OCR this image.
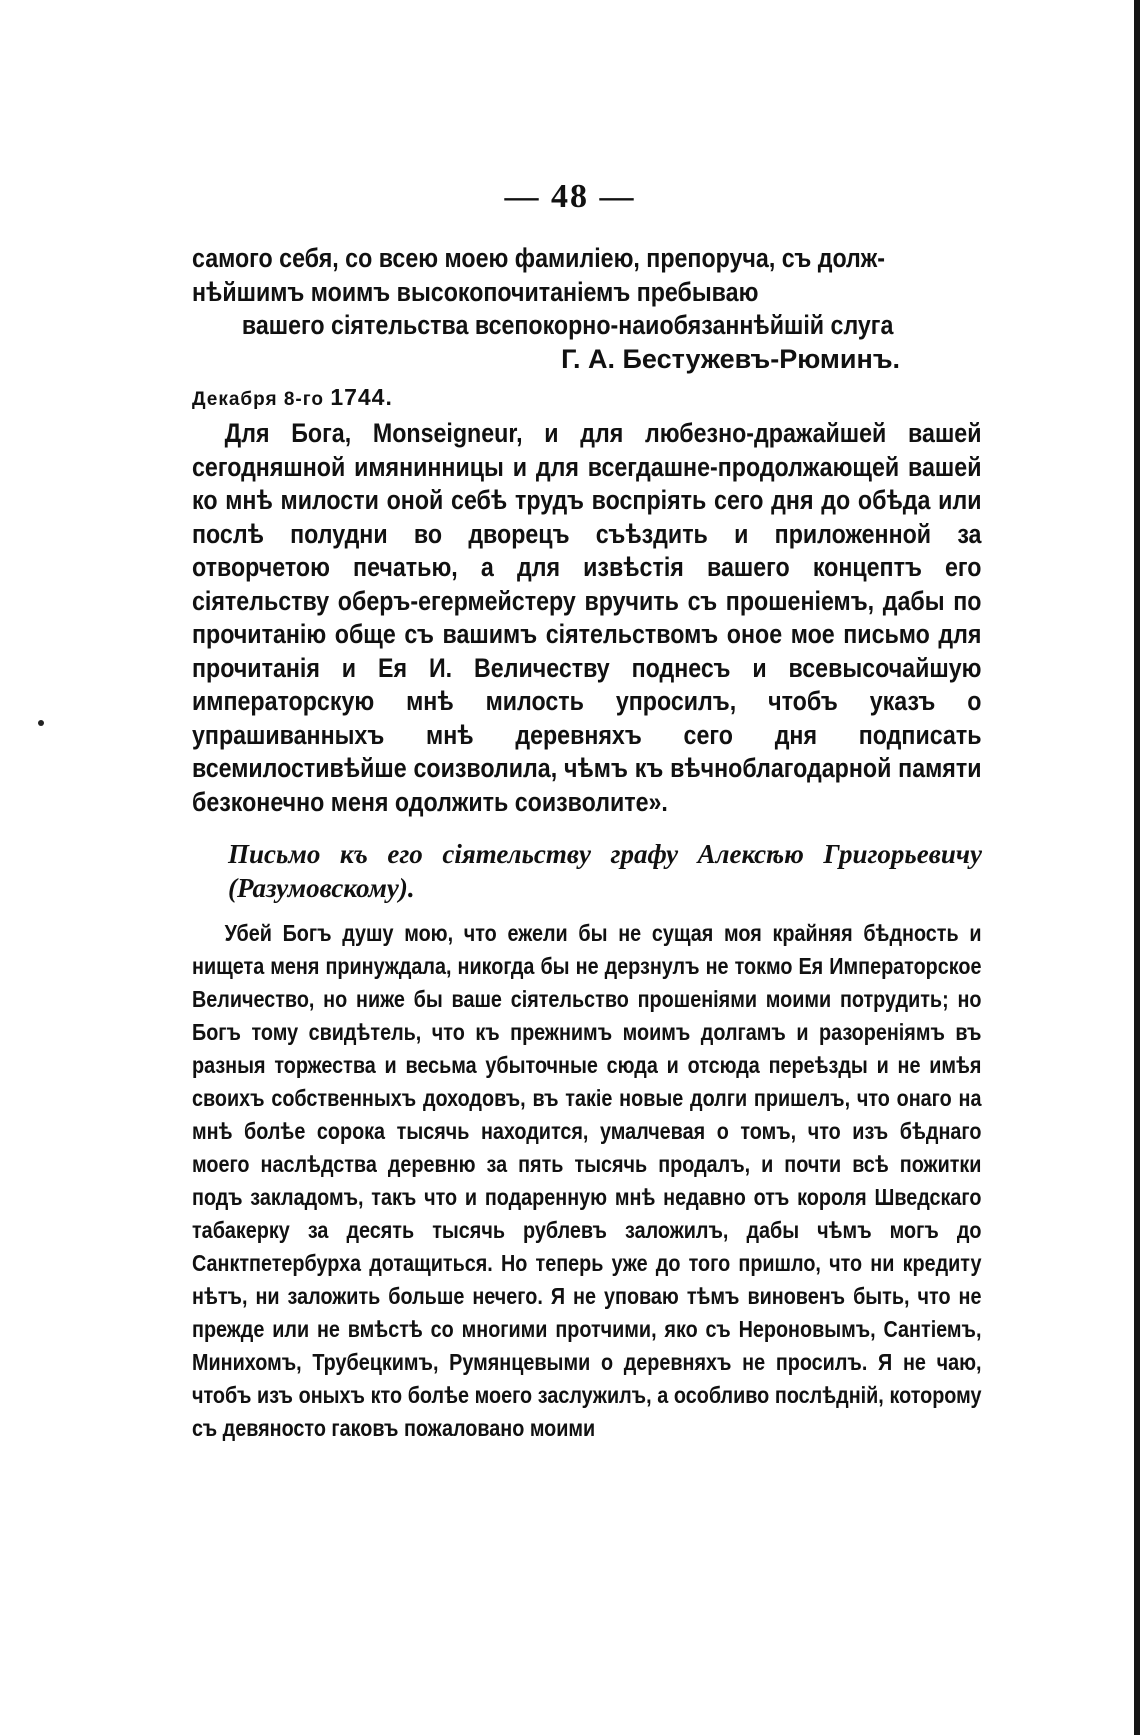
— 48 —
самого себя, со всею моею фамиліею, препоруча, съ долж-
нѣйшимъ моимъ высокопочитаніемъ пребываю
вашего сіятельства всепокорно-наиобязаннѣйшій слуга
Г. А. Бестужевъ-Рюминъ.
Декабря 8-го 1744.
Для Бога, Monseigneur, и для любезно-дражайшей вашей сегодняшной имянинницы и для всегдашне-продолжающей вашей ко мнѣ милости оной себѣ трудъ воспріять сего дня до обѣда или послѣ полудни во дворецъ съѣздить и приложенной за отворчетою печатью, а для извѣстія вашего концептъ его сіятельству оберъ-егермейстеру вручить съ прошеніемъ, дабы по прочитанію обще съ вашимъ сіятельствомъ оное мое письмо для прочитанія и Ея И. Величеству поднесъ и всевысочайшую императорскую мнѣ милость упросилъ, чтобъ указъ о упрашиванныхъ мнѣ деревняхъ сего дня подписать всемилостивѣйше соизволила, чѣмъ къ вѣчноблагодарной памяти безконечно меня одолжить соизволите».
Письмо къ его сіятельству графу Алексѣю Григорьевичу (Разумовскому).
Убей Богъ душу мою, что ежели бы не сущая моя крайняя бѣдность и нищета меня принуждала, никогда бы не дерзнулъ не токмо Ея Императорское Величество, но ниже бы ваше сіятельство прошеніями моими потрудить; но Богъ тому свидѣтель, что къ прежнимъ моимъ долгамъ и разореніямъ въ разныя торжества и весьма убыточные сюда и отсюда переѣзды и не имѣя своихъ собственныхъ доходовъ, въ такіе новые долги пришелъ, что онаго на мнѣ болѣе сорока тысячь находится, умалчевая о томъ, что изъ бѣднаго моего наслѣдства деревню за пять тысячь продалъ, и почти всѣ пожитки подъ закладомъ, такъ что и подаренную мнѣ недавно отъ короля Шведскаго табакерку за десять тысячь рублевъ заложилъ, дабы чѣмъ могъ до Санктпетербурха дотащиться. Но теперь уже до того пришло, что ни кредиту нѣтъ, ни заложить больше нечего. Я не уповаю тѣмъ виновенъ быть, что не прежде или не вмѣстѣ со многими протчими, яко съ Нероновымъ, Сантіемъ, Минихомъ, Трубецкимъ, Румянцевыми о деревняхъ не просилъ. Я не чаю, чтобъ изъ оныхъ кто болѣе моего заслужилъ, а особливо послѣдній, которому съ девяносто гаковъ пожаловано моими
